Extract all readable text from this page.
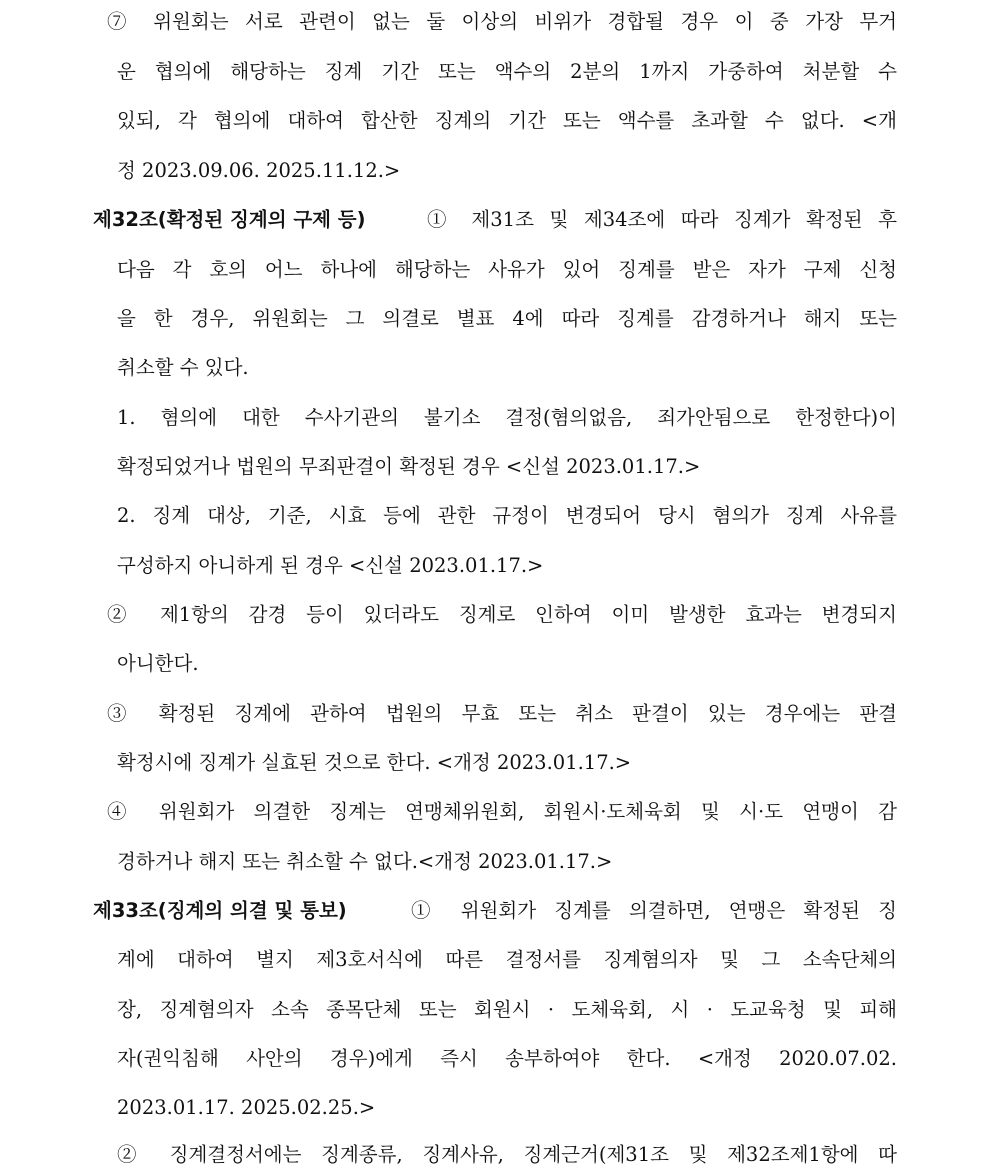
⑦ 위원회는 서로 관련이 없는 둘 이상의 비위가 경합될 경우 이 중 가장 무거
운 협의에 해당하는 징계 기간 또는 액수의 2분의 1까지 가중하여 처분할 수
있되, 각 협의에 대하여 합산한 징계의 기간 또는 액수를 초과할 수 없다. <개
정 2023.09.06. 2025.11.12.>
제32조(확정된 징계의 구제 등)	① 제31조 및 제34조에 따라 징계가 확정된 후
다음 각 호의 어느 하나에 해당하는 사유가 있어 징계를 받은 자가 구제 신청
을 한 경우, 위원회는 그 의결로 별표 4에 따라 징계를 감경하거나 해지 또는
취소할 수 있다.
1. 혐의에 대한 수사기관의 불기소 결정(혐의없음, 죄가안됨으로 한정한다)이
확정되었거나 법원의 무죄판결이 확정된 경우 <신설 2023.01.17.>
2. 징계 대상, 기준, 시효 등에 관한 규정이 변경되어 당시 혐의가 징계 사유를
구성하지 아니하게 된 경우 <신설 2023.01.17.>
② 제1항의 감경 등이 있더라도 징계로 인하여 이미 발생한 효과는 변경되지
아니한다.
③ 확정된 징계에 관하여 법원의 무효 또는 취소 판결이 있는 경우에는 판결
확정시에 징계가 실효된 것으로 한다. <개정 2023.01.17.>
④ 위원회가 의결한 징계는 연맹체위원회, 회원시·도체육회 및 시·도 연맹이 감
경하거나 해지 또는 취소할 수 없다.<개정 2023.01.17.>
제33조(징계의 의결 및 통보)	① 위원회가 징계를 의결하면, 연맹은 확정된 징
계에 대하여 별지 제3호서식에 따른 결정서를 징계혐의자 및 그 소속단체의
장, 징계혐의자 소속 종목단체 또는 회원시 · 도체육회, 시 · 도교육청 및 피해
자(권익침해 사안의 경우)에게 즉시 송부하여야 한다. <개정 2020.07.02.
2023.01.17. 2025.02.25.>
② 징계결정서에는 징계종류, 징계사유, 징계근거(제31조 및 제32조제1항에 따
